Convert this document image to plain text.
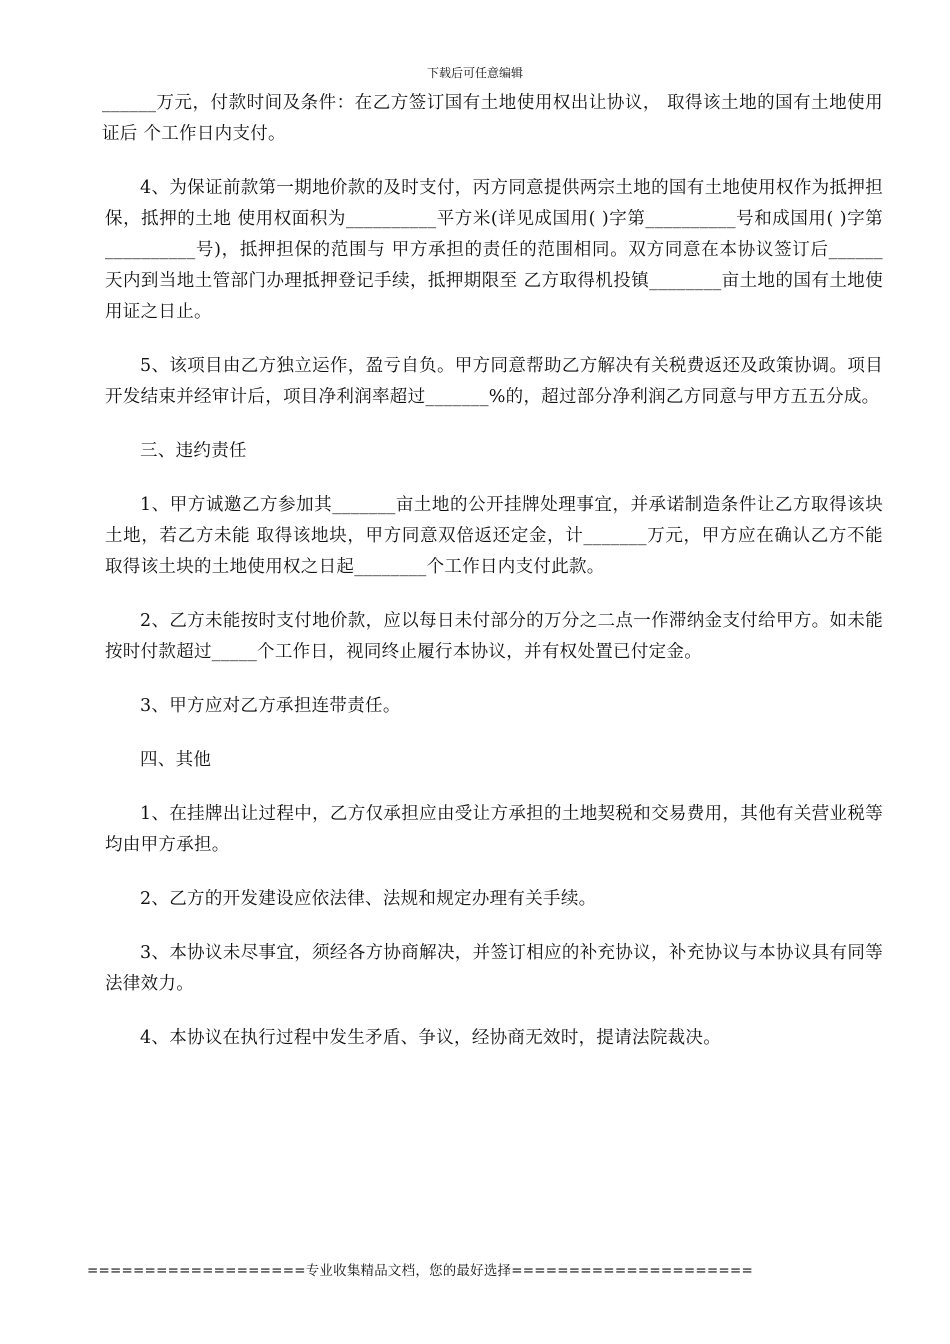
下载后可任意编辑

______万元，付款时间及条件：在乙方签订国有土地使用权出让协议， 取得该土地的国有土地使用证后 个工作日内支付。

4、为保证前款第一期地价款的及时支付，丙方同意提供两宗土地的国有土地使用权作为抵押担保，抵押的土地 使用权面积为__________平方米(详见成国用( )字第__________号和成国用( )字第__________号)，抵押担保的范围与 甲方承担的责任的范围相同。双方同意在本协议签订后______天内到当地土管部门办理抵押登记手续，抵押期限至 乙方取得机投镇________亩土地的国有土地使用证之日止。

5、该项目由乙方独立运作，盈亏自负。甲方同意帮助乙方解决有关税费返还及政策协调。项目开发结束并经审计后，项目净利润率超过_______%的，超过部分净利润乙方同意与甲方五五分成。

三、违约责任

1、甲方诚邀乙方参加其_______亩土地的公开挂牌处理事宜，并承诺制造条件让乙方取得该块土地，若乙方未能 取得该地块，甲方同意双倍返还定金，计_______万元，甲方应在确认乙方不能取得该土块的土地使用权之日起________个工作日内支付此款。

2、乙方未能按时支付地价款，应以每日未付部分的万分之二点一作滞纳金支付给甲方。如未能按时付款超过_____个工作日，视同终止履行本协议，并有权处置已付定金。

3、甲方应对乙方承担连带责任。

四、其他

1、在挂牌出让过程中，乙方仅承担应由受让方承担的土地契税和交易费用，其他有关营业税等均由甲方承担。

2、乙方的开发建设应依法律、法规和规定办理有关手续。

3、本协议未尽事宜，须经各方协商解决，并签订相应的补充协议，补充协议与本协议具有同等法律效力。

4、本协议在执行过程中发生矛盾、争议，经协商无效时，提请法院裁决。

===================专业收集精品文档，您的最好选择=====================
